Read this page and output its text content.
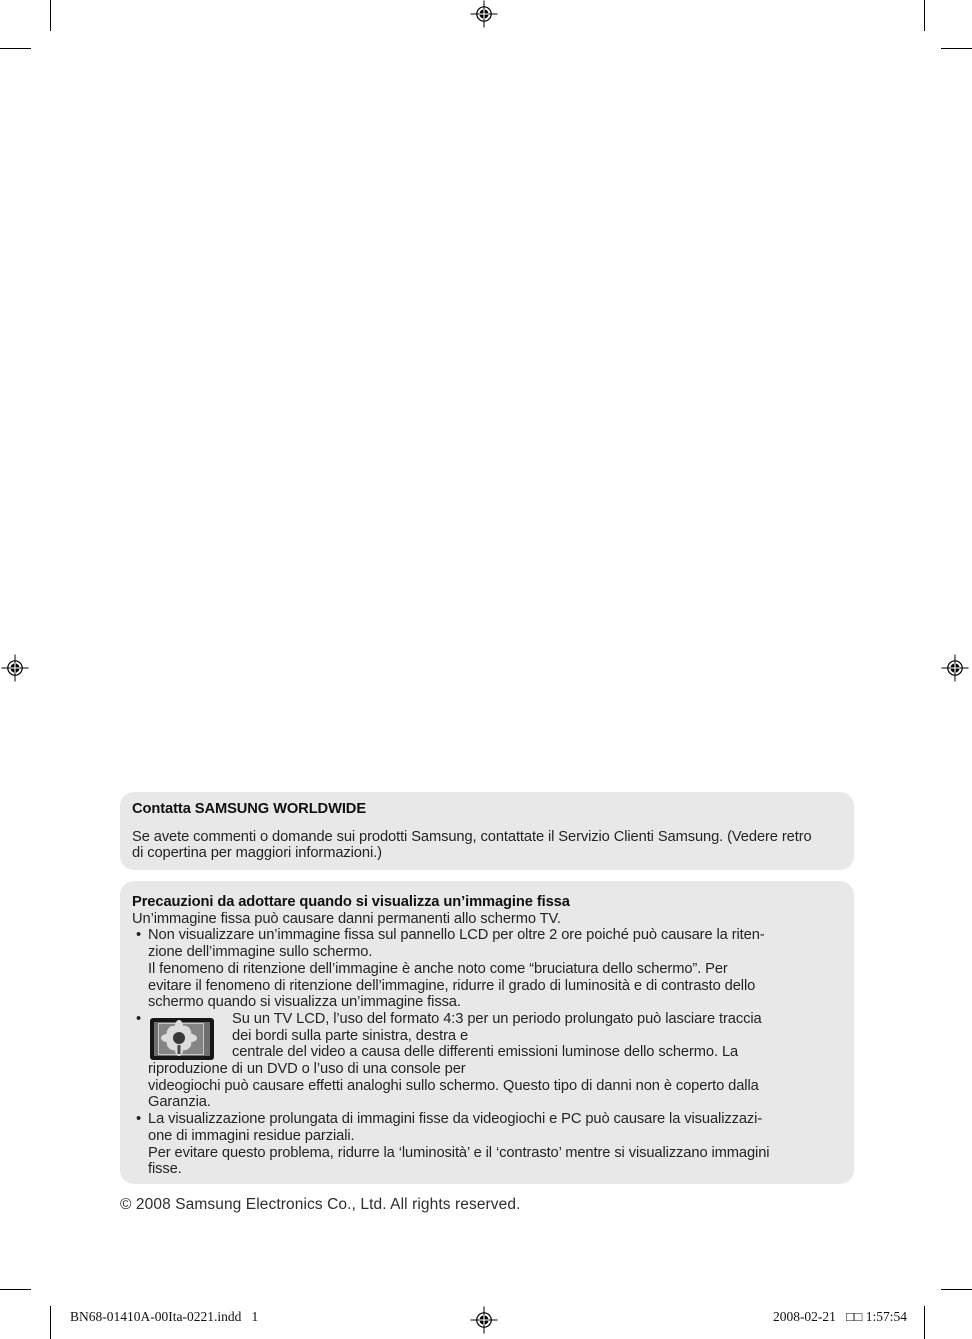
Contatta SAMSUNG WORLDWIDE
Se avete commenti o domande sui prodotti Samsung, contattate il Servizio Clienti Samsung. (Vedere retro
di copertina per maggiori informazioni.)
Precauzioni da adottare quando si visualizza un’immagine fissa
Un’immagine fissa può causare danni permanenti allo schermo TV.
• Non visualizzare un’immagine fissa sul pannello LCD per oltre 2 ore poiché può causare la riten-
zione dell’immagine sullo schermo.
Il fenomeno di ritenzione dell’immagine è anche noto come “bruciatura dello schermo”. Per
evitare il fenomeno di ritenzione dell’immagine, ridurre il grado di luminosità e di contrasto dello
schermo quando si visualizza un’immagine fissa.
•	Su un TV LCD, l’uso del formato 4:3 per un periodo prolungato può lasciare traccia
dei bordi sulla parte sinistra, destra e
centrale del video a causa delle differenti emissioni luminose dello schermo. La
riproduzione di un DVD o l’uso di una console per
videogiochi può causare effetti analoghi sullo schermo. Questo tipo di danni non è coperto dalla
Garanzia.
• La visualizzazione prolungata di immagini fisse da videogiochi e PC può causare la visualizzazi-
one di immagini residue parziali.
Per evitare questo problema, ridurre la ‘luminosità’ e il ‘contrasto’ mentre si visualizzano immagini
fisse.
© 2008 Samsung Electronics Co., Ltd. All rights reserved.
BN68-01410A-00Ita-0221.indd   1	2008-02-21   □□ 1:57:54
